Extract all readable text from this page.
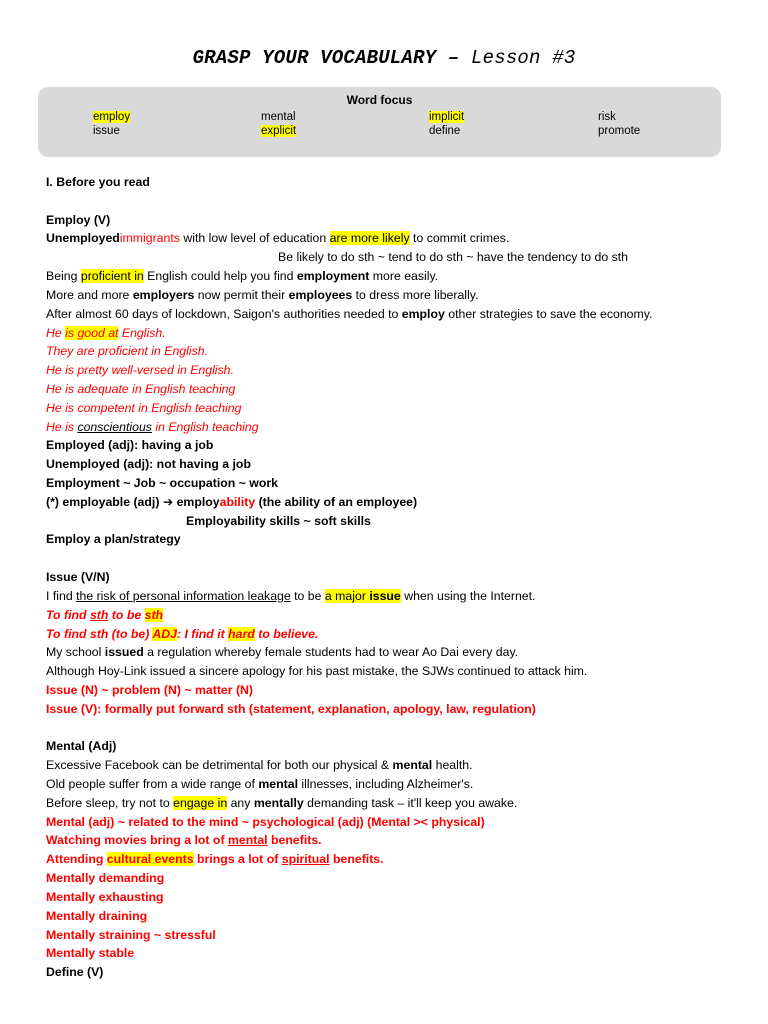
GRASP YOUR VOCABULARY – Lesson #3
Word focus
employ	mental	implicit	risk
issue	explicit	define	promote
I. Before you read
Employ (V)
Unemployedimmigrants with low level of education are more likely to commit crimes.
Be likely to do sth ~ tend to do sth ~ have the tendency to do sth
Being proficient in English could help you find employment more easily.
More and more employers now permit their employees to dress more liberally.
After almost 60 days of lockdown, Saigon's authorities needed to employ other strategies to save the economy.
He is good at English.
They are proficient in English.
He is pretty well-versed in English.
He is adequate in English teaching
He is competent in English teaching
He is conscientious in English teaching
Employed (adj): having a job
Unemployed (adj): not having a job
Employment ~ Job ~ occupation ~ work
(*) employable (adj) ➔ employability (the ability of an employee)
Employability skills ~ soft skills
Employ a plan/strategy
Issue (V/N)
I find the risk of personal information leakage to be a major issue when using the Internet.
To find sth to be sth
To find sth (to be) ADJ: I find it hard to believe.
My school issued a regulation whereby female students had to wear Ao Dai every day.
Although Hoy-Link issued a sincere apology for his past mistake, the SJWs continued to attack him.
Issue (N) ~ problem (N) ~ matter (N)
Issue (V): formally put forward sth (statement, explanation, apology, law, regulation)
Mental (Adj)
Excessive Facebook can be detrimental for both our physical & mental health.
Old people suffer from a wide range of mental illnesses, including Alzheimer's.
Before sleep, try not to engage in any mentally demanding task – it'll keep you awake.
Mental (adj) ~ related to the mind ~ psychological (adj) (Mental >< physical)
Watching movies bring a lot of mental benefits.
Attending cultural events brings a lot of spiritual benefits.
Mentally demanding
Mentally exhausting
Mentally draining
Mentally straining ~ stressful
Mentally stable
Define (V)
